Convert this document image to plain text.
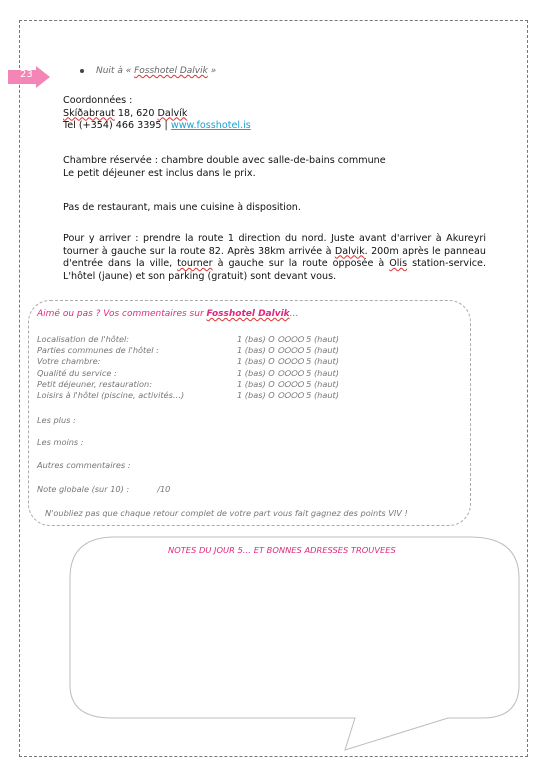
23	Nuit à « Fosshotel Dalvik »

Coordonnées :

Skíðabraut 18, 620 Dalvík

Tel (+354) 466 3395 | www.fosshotel.is

Chambre réservée : chambre double avec salle-de-bains commune

Le petit déjeuner est inclus dans le prix.

Pas de restaurant, mais une cuisine à disposition.

Pour y arriver : prendre la route 1 direction du nord. Juste avant d'arriver à Akureyri tourner à gauche sur la route 82. Après 38km arrivée à Dalvik. 200m après le panneau d'entrée dans la ville, tourner à gauche sur la route opposée à Olis station-service. L'hôtel (jaune) et son parking (gratuit) sont devant vous.

Aimé ou pas ? Vos commentaires sur Fosshotel Dalvik…
Localisation de l'hôtel:	1 (bas) O ⭘⭘⭘⭘ 5 (haut)
Parties communes de l'hôtel :	1 (bas) O ⭘⭘⭘⭘ 5 (haut)
Votre chambre:	1 (bas) O ⭘⭘⭘⭘ 5 (haut)
Qualité du service :	1 (bas) O ⭘⭘⭘⭘ 5 (haut)
Petit déjeuner, restauration:	1 (bas) O ⭘⭘⭘⭘ 5 (haut)
Loisirs à l'hôtel (piscine, activités…)	1 (bas) O ⭘⭘⭘⭘ 5 (haut)
Les plus :
Les moins :
Autres commentaires :
Note globale (sur 10) :	/10
N'oubliez pas que chaque retour complet de votre part vous fait gagnez des points VIV !
NOTES DU JOUR 5… ET BONNES ADRESSES TROUVEES
